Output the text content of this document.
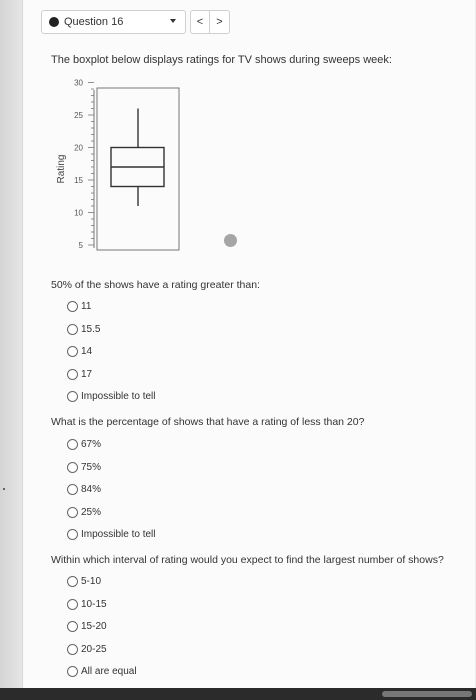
Question 16	<	>
The boxplot below displays ratings for TV shows during sweeps week:
Rating
5
10
15
20
25
30
50% of the shows have a rating greater than:
11
15.5
14
17
Impossible to tell
What is the percentage of shows that have a rating of less than 20?
67%
75%
84%
25%
Impossible to tell
Within which interval of rating would you expect to find the largest number of shows?
5-10
10-15
15-20
20-25
All are equal
